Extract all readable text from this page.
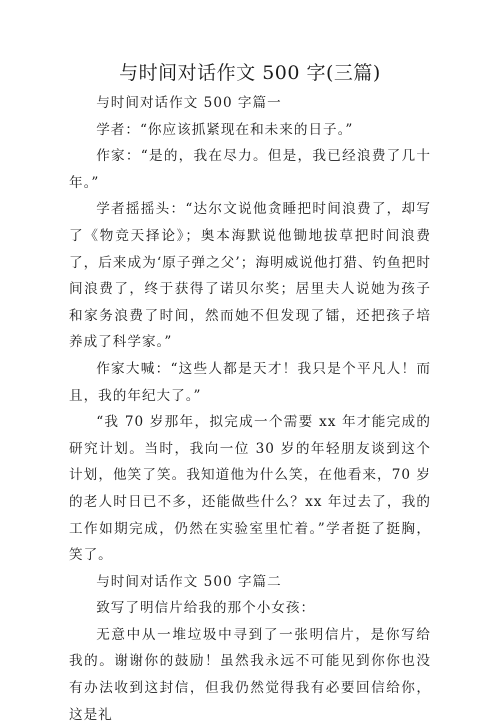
与时间对话作文 500 字(三篇)

与时间对话作文 500 字篇一

学者：“你应该抓紧现在和未来的日子。”

作家：“是的，我在尽力。但是，我已经浪费了几十年。”

学者摇摇头：“达尔文说他贪睡把时间浪费了，却写了《物竞天择论》；奥本海默说他锄地拔草把时间浪费了，后来成为‘原子弹之父’；海明威说他打猎、钓鱼把时间浪费了，终于获得了诺贝尔奖；居里夫人说她为孩子和家务浪费了时间，然而她不但发现了镭，还把孩子培养成了科学家。”

作家大喊：“这些人都是天才！我只是个平凡人！而且，我的年纪大了。”

“我 70 岁那年，拟完成一个需要 xx 年才能完成的研究计划。当时，我向一位 30 岁的年轻朋友谈到这个计划，他笑了笑。我知道他为什么笑，在他看来，70 岁的老人时日已不多，还能做些什么？xx 年过去了，我的工作如期完成，仍然在实验室里忙着。”学者挺了挺胸，笑了。

与时间对话作文 500 字篇二

致写了明信片给我的那个小女孩：

无意中从一堆垃圾中寻到了一张明信片，是你写给我的。谢谢你的鼓励！虽然我永远不可能见到你你也没有办法收到这封信，但我仍然觉得我有必要回信给你，这是礼
